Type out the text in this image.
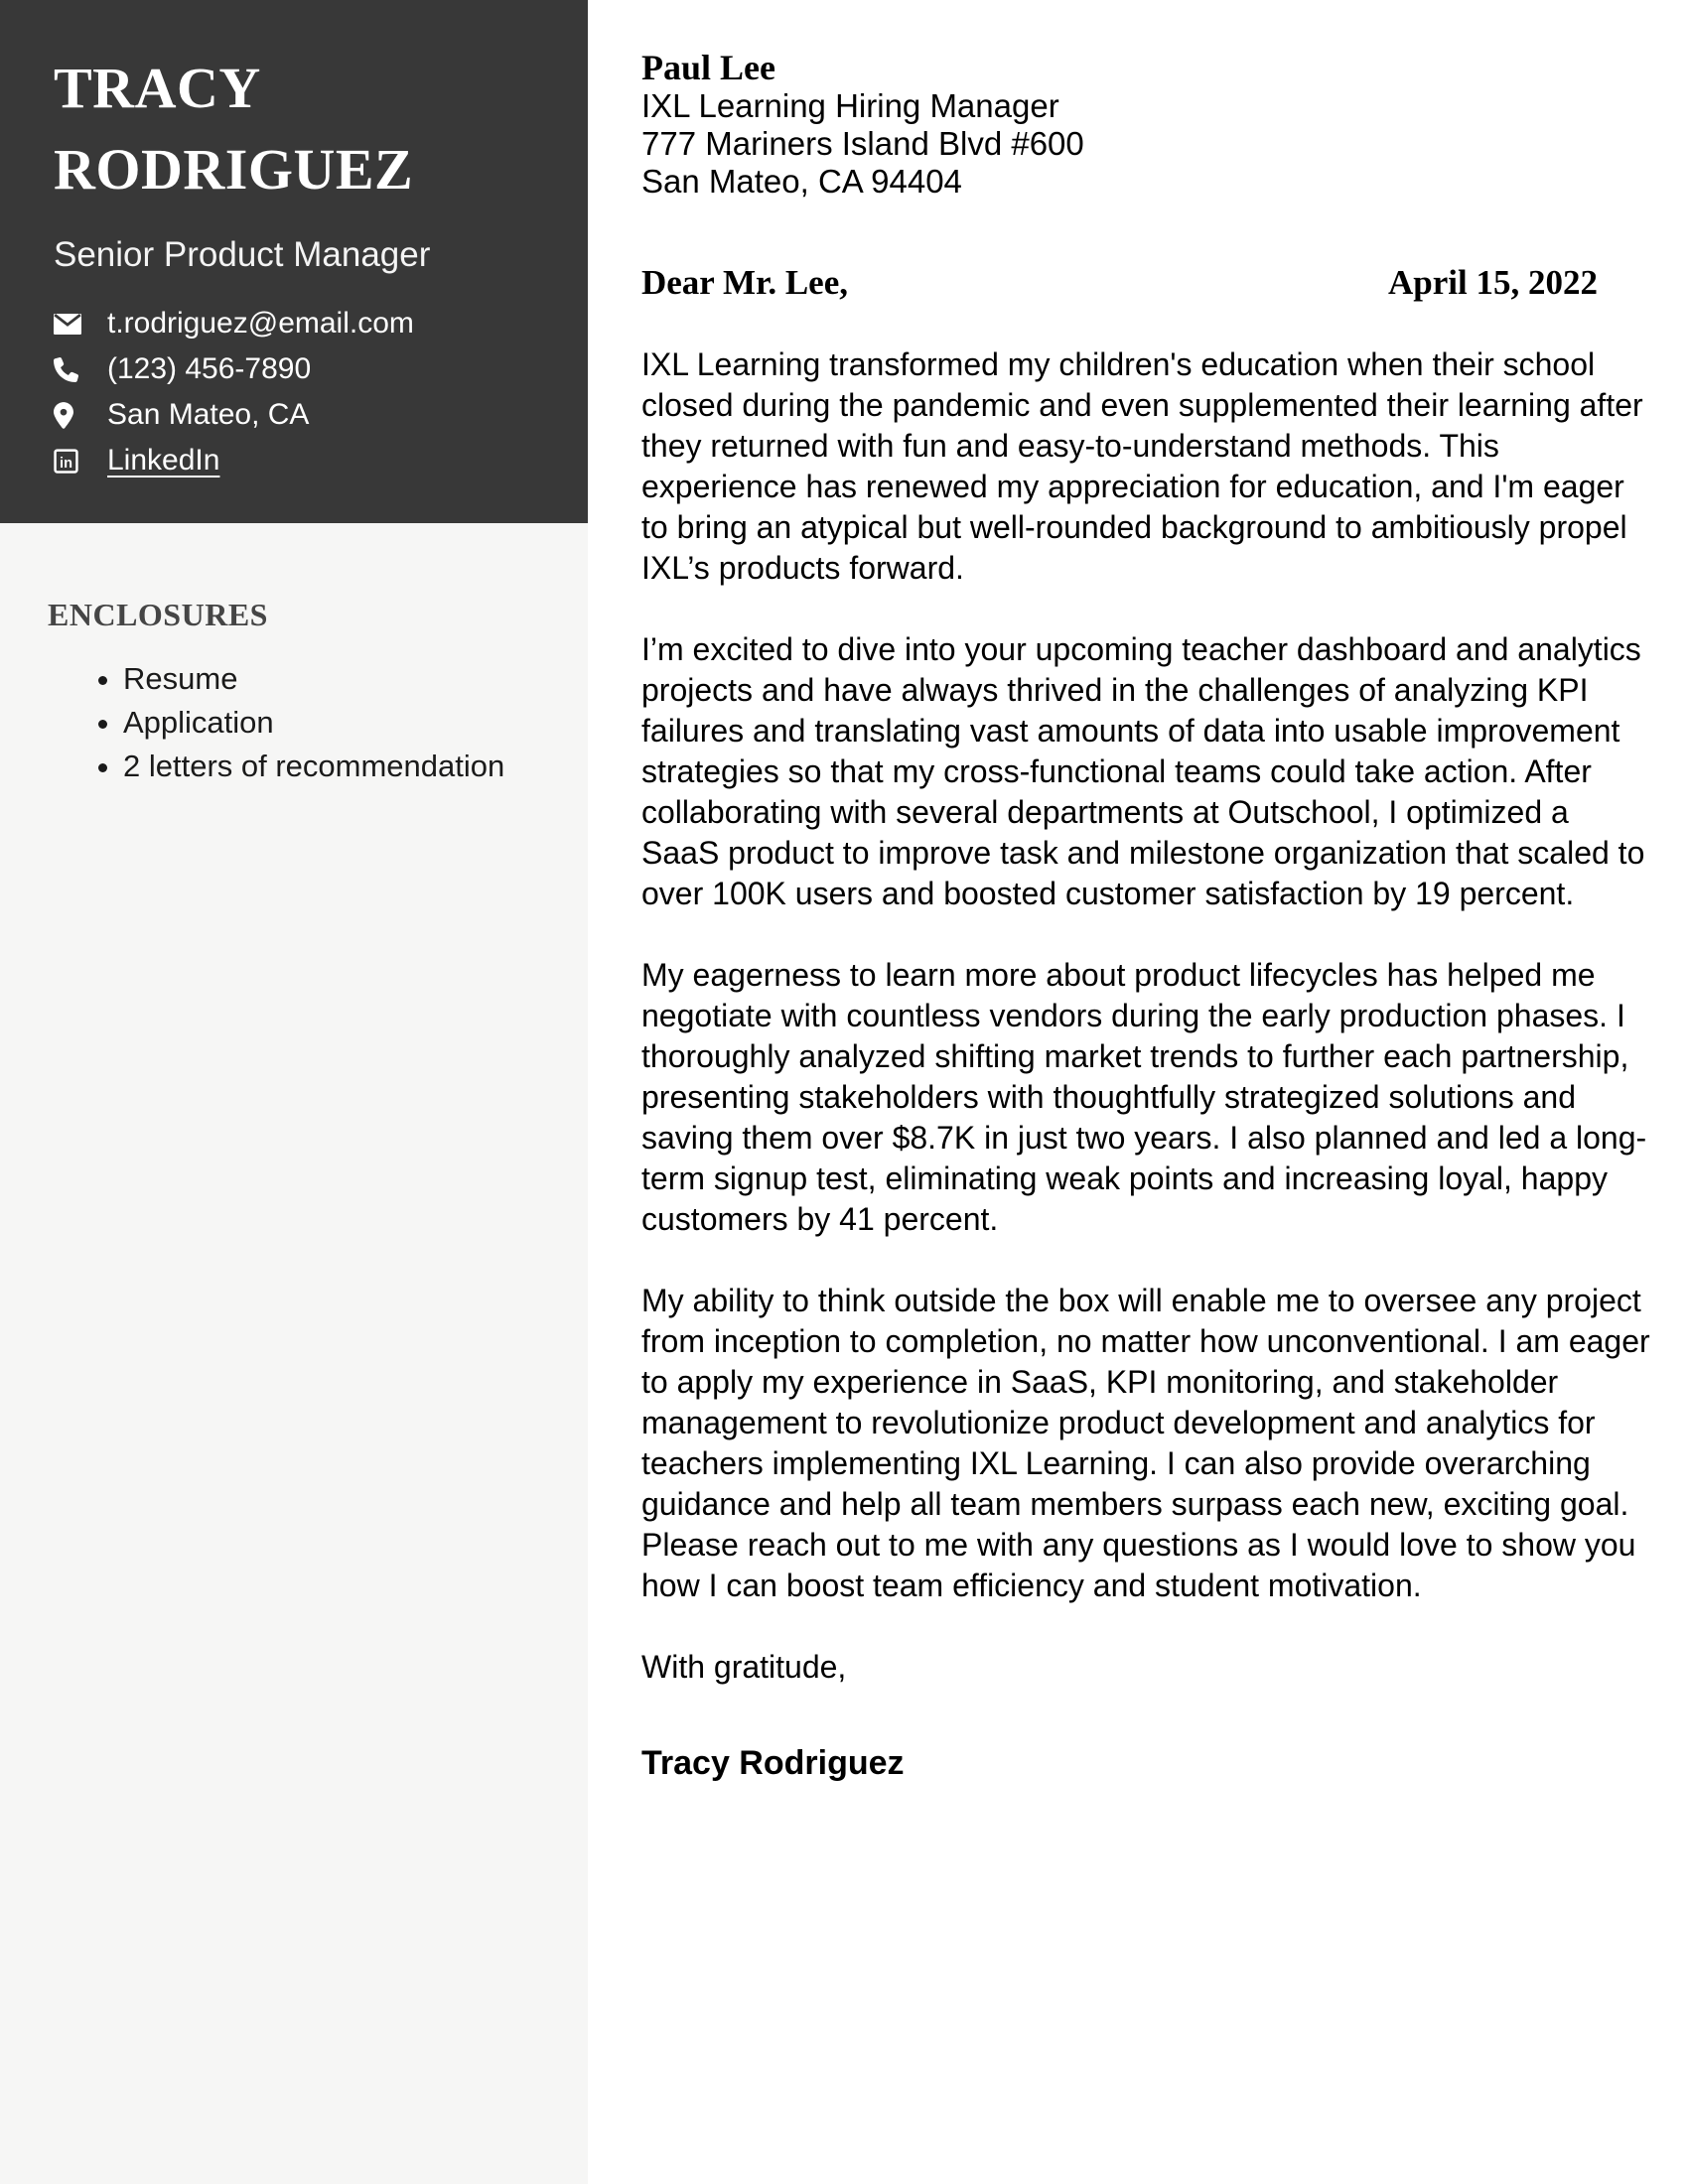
TRACY
RODRIGUEZ
Senior Product Manager
t.rodriguez@email.com
(123) 456-7890
San Mateo, CA
in LinkedIn
ENCLOSURES
• Resume
• Application
• 2 letters of recommendation
Paul Lee
IXL Learning Hiring Manager
777 Mariners Island Blvd #600
San Mateo, CA 94404
Dear Mr. Lee,	April 15, 2022

IXL Learning transformed my children's education when their school closed during the pandemic and even supplemented their learning after they returned with fun and easy-to-understand methods. This experience has renewed my appreciation for education, and I'm eager to bring an atypical but well-rounded background to ambitiously propel IXL’s products forward.

I’m excited to dive into your upcoming teacher dashboard and analytics projects and have always thrived in the challenges of analyzing KPI failures and translating vast amounts of data into usable improvement strategies so that my cross-functional teams could take action. After collaborating with several departments at Outschool, I optimized a SaaS product to improve task and milestone organization that scaled to over 100K users and boosted customer satisfaction by 19 percent.

My eagerness to learn more about product lifecycles has helped me negotiate with countless vendors during the early production phases. I thoroughly analyzed shifting market trends to further each partnership, presenting stakeholders with thoughtfully strategized solutions and saving them over $8.7K in just two years. I also planned and led a long-term signup test, eliminating weak points and increasing loyal, happy customers by 41 percent.

My ability to think outside the box will enable me to oversee any project from inception to completion, no matter how unconventional. I am eager to apply my experience in SaaS, KPI monitoring, and stakeholder management to revolutionize product development and analytics for teachers implementing IXL Learning. I can also provide overarching guidance and help all team members surpass each new, exciting goal. Please reach out to me with any questions as I would love to show you how I can boost team efficiency and student motivation.

With gratitude,
Tracy Rodriguez
